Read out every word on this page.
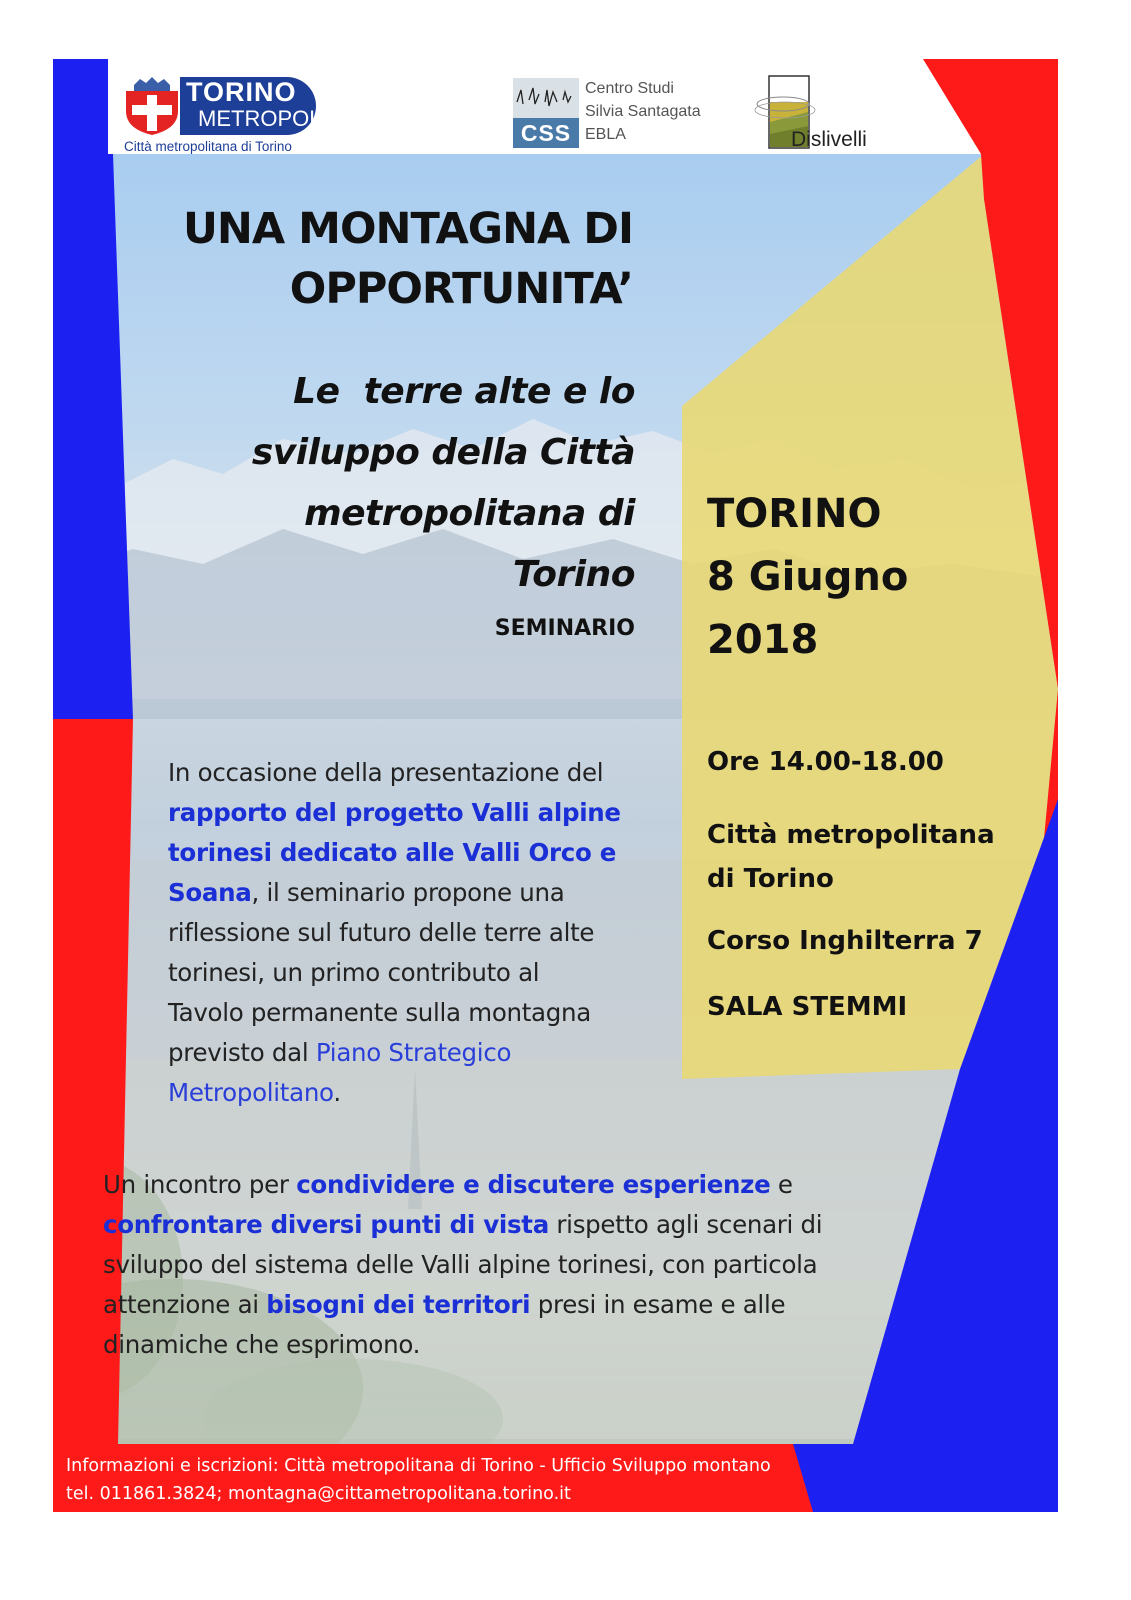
TORINO
METROPOLI
Città metropolitana di Torino
CSS
Centro Studi
Silvia Santagata
EBLA	Dislivelli
UNA MONTAGNA DI
OPPORTUNITA’
Le  terre alte e lo
sviluppo della Città
metropolitana di
Torino
SEMINARIO
TORINO
8 Giugno
2018
Ore 14.00-18.00
Città metropolitana
di Torino
Corso Inghilterra 7
SALA STEMMI
In occasione della presentazione del
rapporto del progetto Valli alpine
torinesi dedicato alle Valli Orco e
Soana, il seminario propone una
riflessione sul futuro delle terre alte
torinesi, un primo contributo al
Tavolo permanente sulla montagna
previsto dal Piano Strategico
Metropolitano.
Un incontro per condividere e discutere esperienze e
confrontare diversi punti di vista rispetto agli scenari di
sviluppo del sistema delle Valli alpine torinesi, con particola
attenzione ai bisogni dei territori presi in esame e alle
dinamiche che esprimono.
Informazioni e iscrizioni: Città metropolitana di Torino - Ufficio Sviluppo montano
tel. 011861.3824; montagna@cittametropolitana.torino.it
